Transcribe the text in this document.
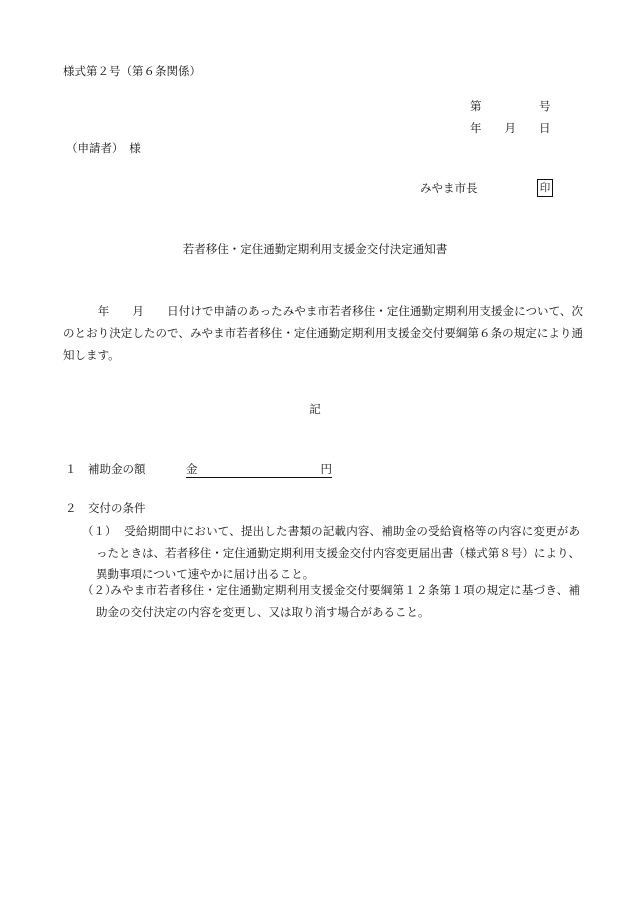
様式第２号（第６条関係）
第　　　　　号
年　　月　　日
（申請者）　様
みやま市長	印
若者移住・定住通勤定期利用支援金交付決定通知書
　　　年　　月　　日付けで申請のあったみやま市若者移住・定住通勤定期利用支援金について、次のとおり決定したので、みやま市若者移住・定住通勤定期利用支援金交付要綱第６条の規定により通知します。
記
１　補助金の額	金	円
２　交付の条件
（１） 受給期間中において、提出した書類の記載内容、補助金の受給資格等の内容に変更があったときは、若者移住・定住通勤定期利用支援金交付内容変更届出書（様式第８号）により、異動事項について速やかに届け出ること。
（２）
みやま市若者移住・定住通勤定期利用支援金交付要綱第１２条第１項の規定に基づき、補助金の交付決定の内容を変更し、又は取り消す場合があること。
